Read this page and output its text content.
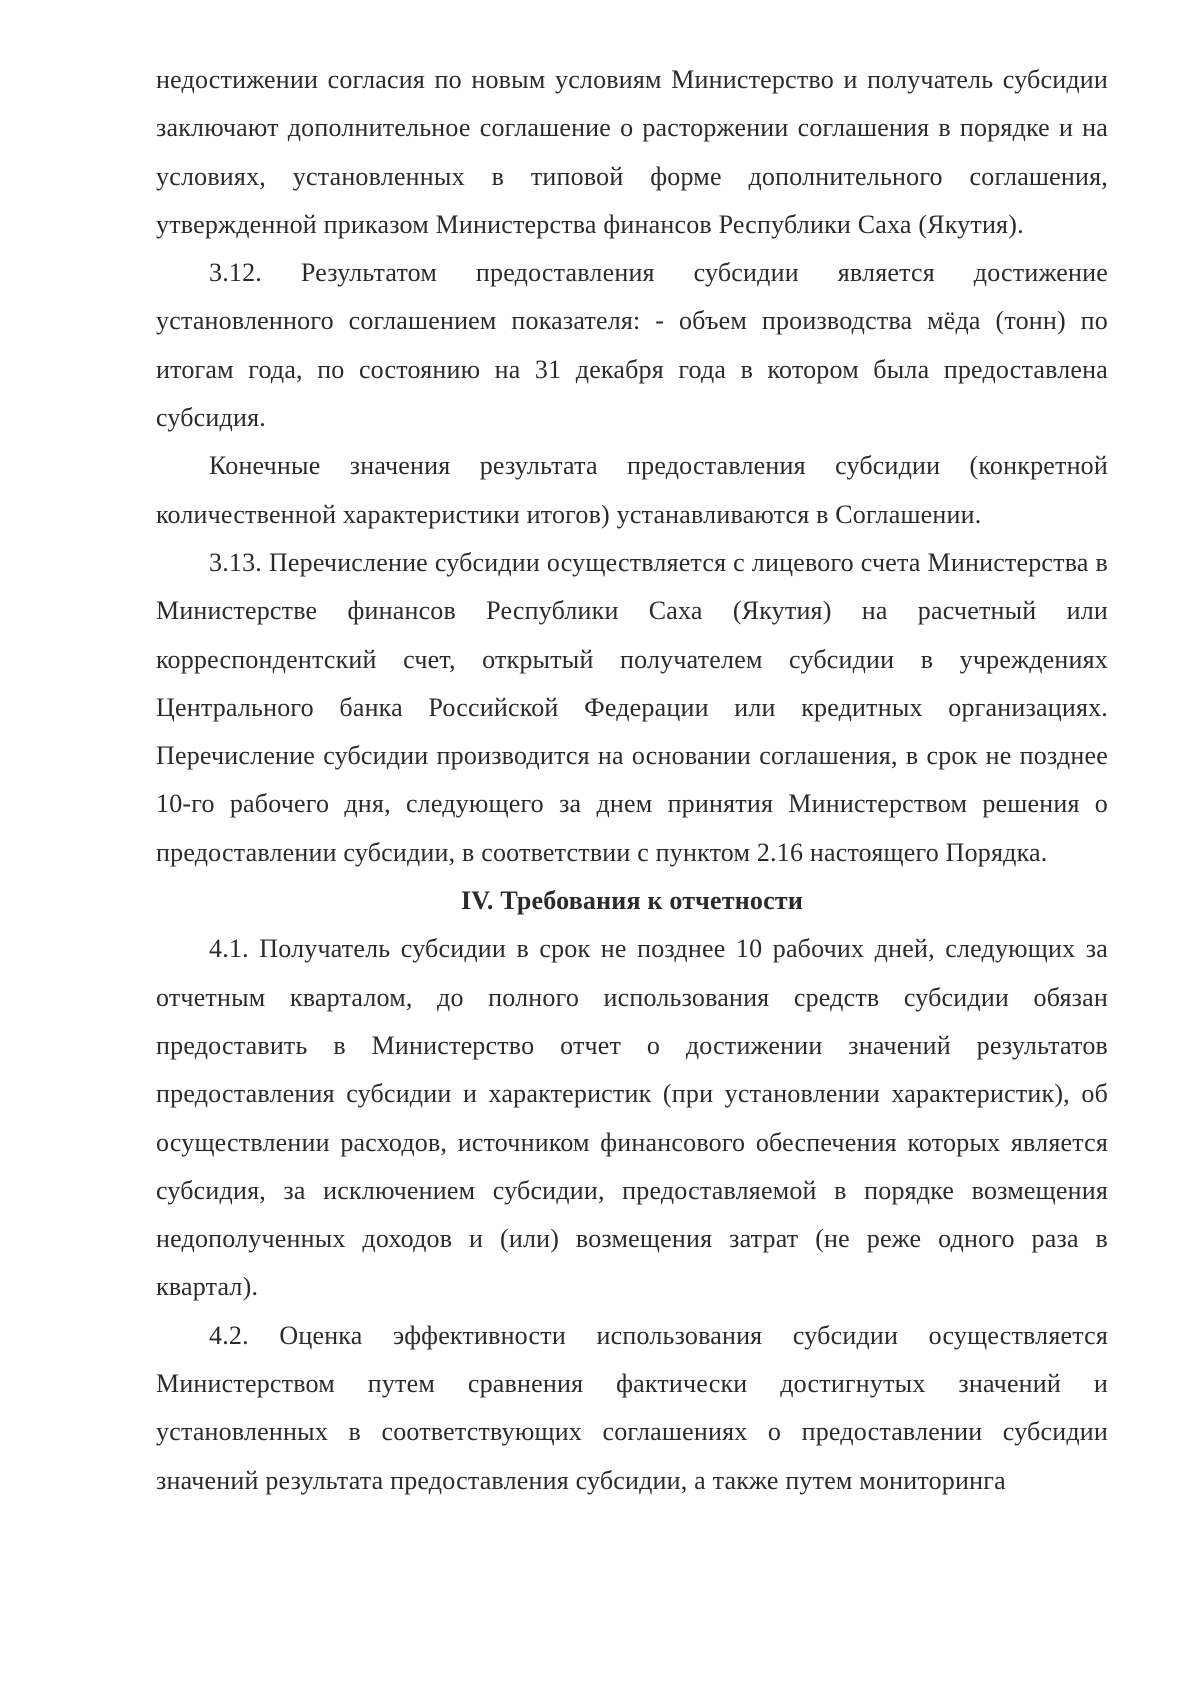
недостижении согласия по новым условиям Министерство и получатель субсидии заключают дополнительное соглашение о расторжении соглашения в порядке и на условиях, установленных в типовой форме дополнительного соглашения, утвержденной приказом Министерства финансов Республики Саха (Якутия).

3.12. Результатом предоставления субсидии является достижение установленного соглашением показателя: - объем производства мёда (тонн) по итогам года, по состоянию на 31 декабря года в котором была предоставлена субсидия.

Конечные значения результата предоставления субсидии (конкретной количественной характеристики итогов) устанавливаются в Соглашении.

3.13. Перечисление субсидии осуществляется с лицевого счета Министерства в Министерстве финансов Республики Саха (Якутия) на расчетный или корреспондентский счет, открытый получателем субсидии в учреждениях Центрального банка Российской Федерации или кредитных организациях. Перечисление субсидии производится на основании соглашения, в срок не позднее 10-го рабочего дня, следующего за днем принятия Министерством решения о предоставлении субсидии, в соответствии с пунктом 2.16 настоящего Порядка.

IV. Требования к отчетности

4.1. Получатель субсидии в срок не позднее 10 рабочих дней, следующих за отчетным кварталом, до полного использования средств субсидии обязан предоставить в Министерство отчет о достижении значений результатов предоставления субсидии и характеристик (при установлении характеристик), об осуществлении расходов, источником финансового обеспечения которых является субсидия, за исключением субсидии, предоставляемой в порядке возмещения недополученных доходов и (или) возмещения затрат (не реже одного раза в квартал).

4.2. Оценка эффективности использования субсидии осуществляется Министерством путем сравнения фактически достигнутых значений и установленных в соответствующих соглашениях о предоставлении субсидии значений результата предоставления субсидии, а также путем мониторинга
